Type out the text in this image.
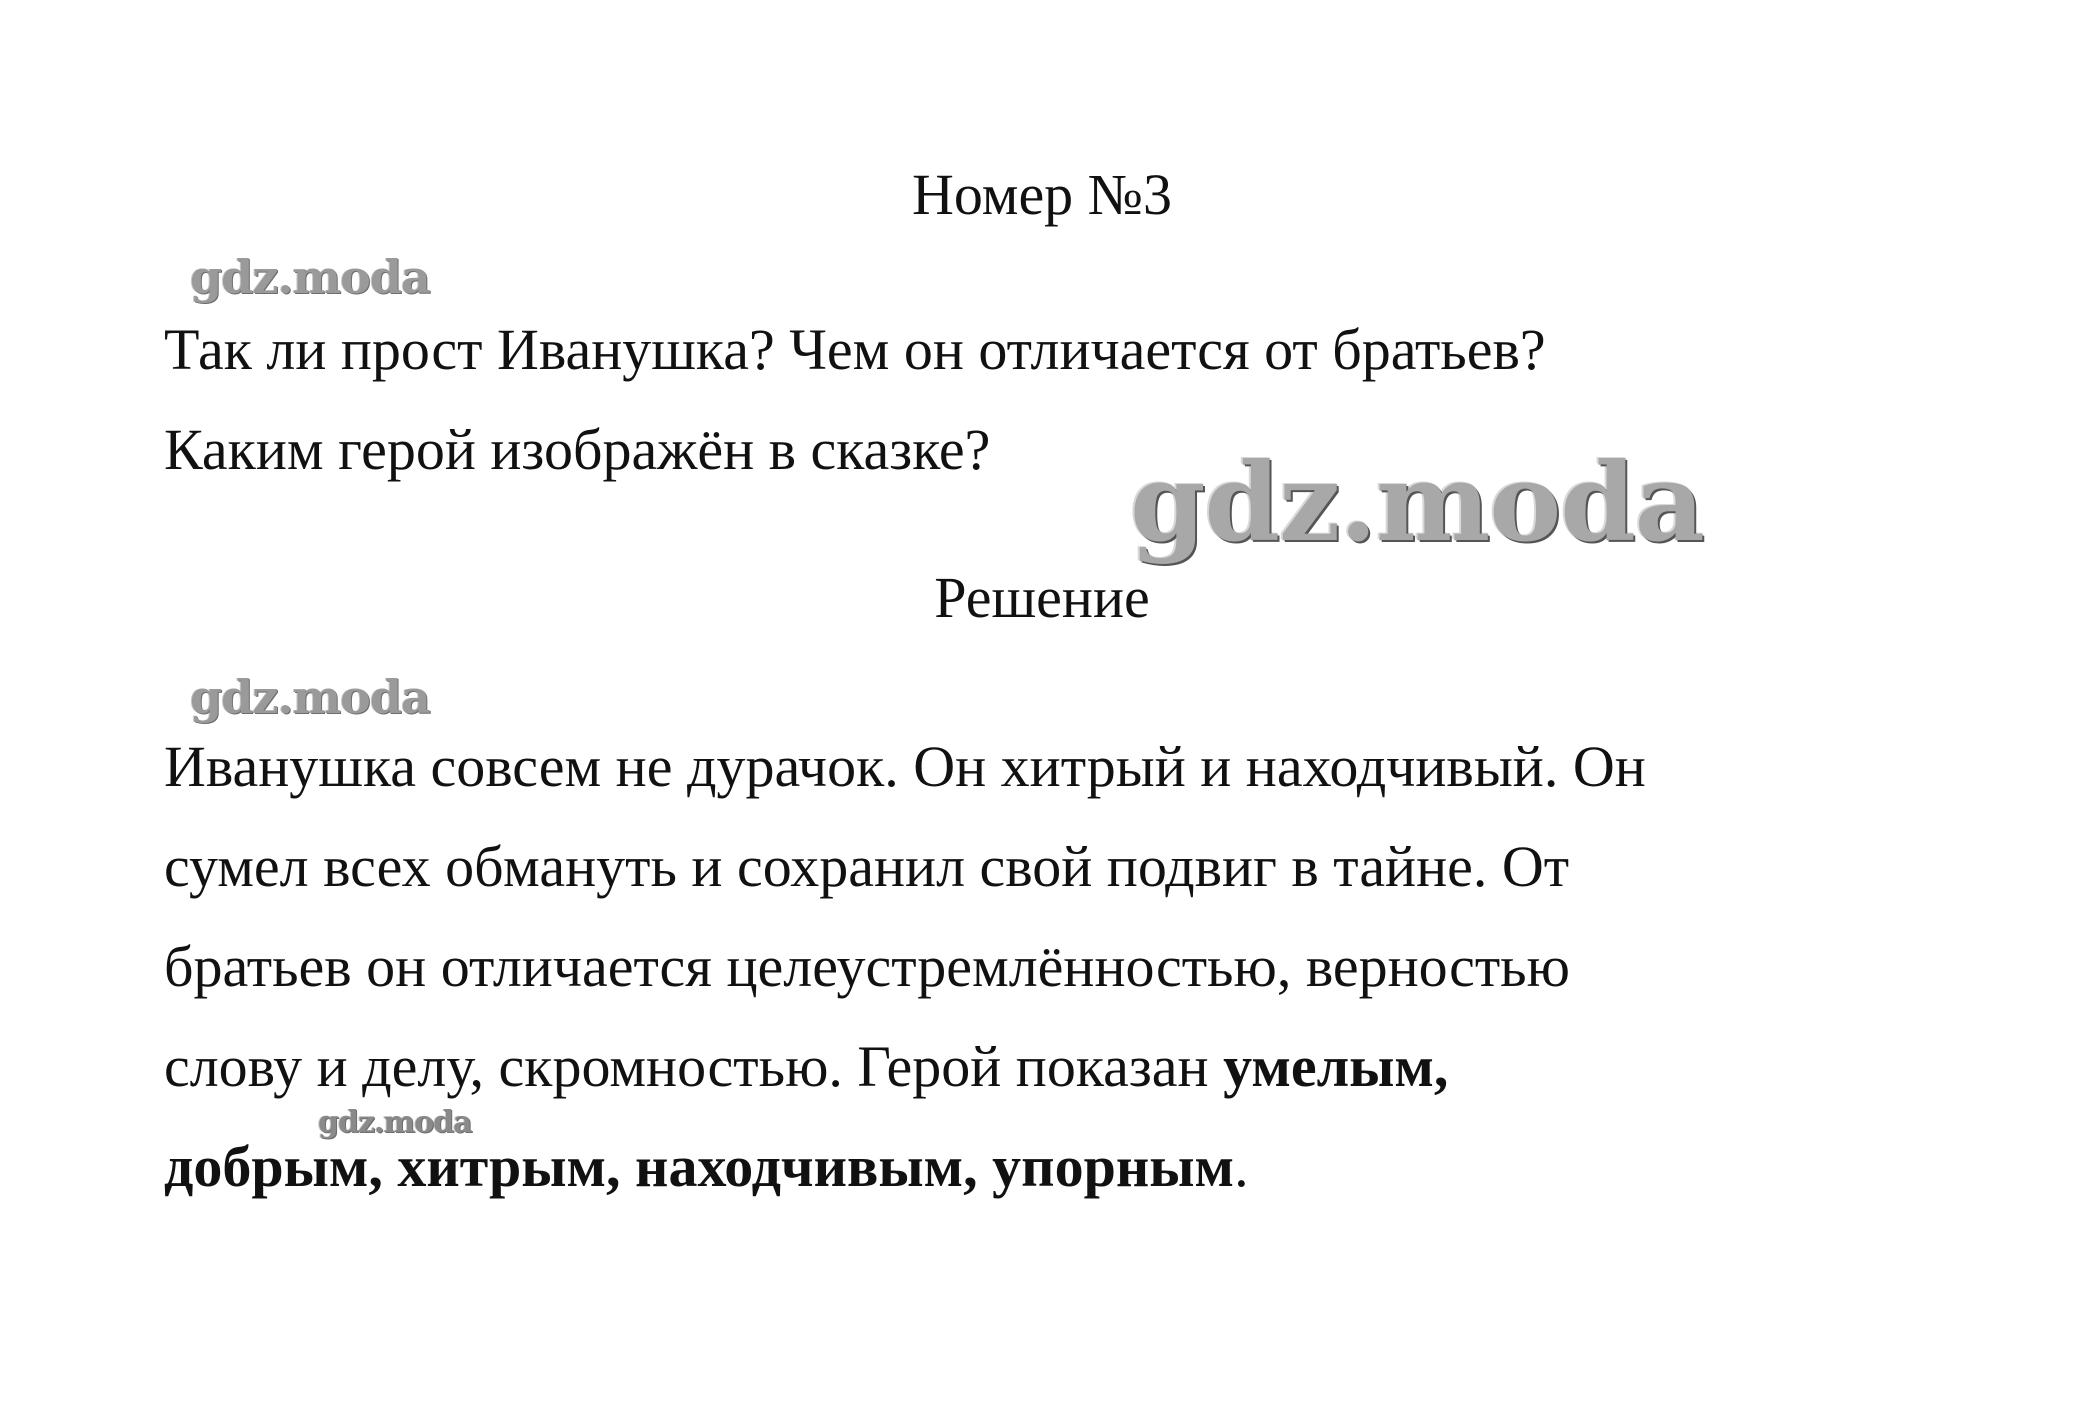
Номер №3
Так ли прост Иванушка? Чем он отличается от братьев?
Каким герой изображён в сказке?
Решение
Иванушка совсем не дурачок. Он хитрый и находчивый. Он
сумел всех обмануть и сохранил свой подвиг в тайне. От
братьев он отличается целеустремлённостью, верностью
слову и делу, скромностью. Герой показан умелым,
добрым, хитрым, находчивым, упорным.
gdz.moda
gdz.moda
gdz.moda
gdz.moda
